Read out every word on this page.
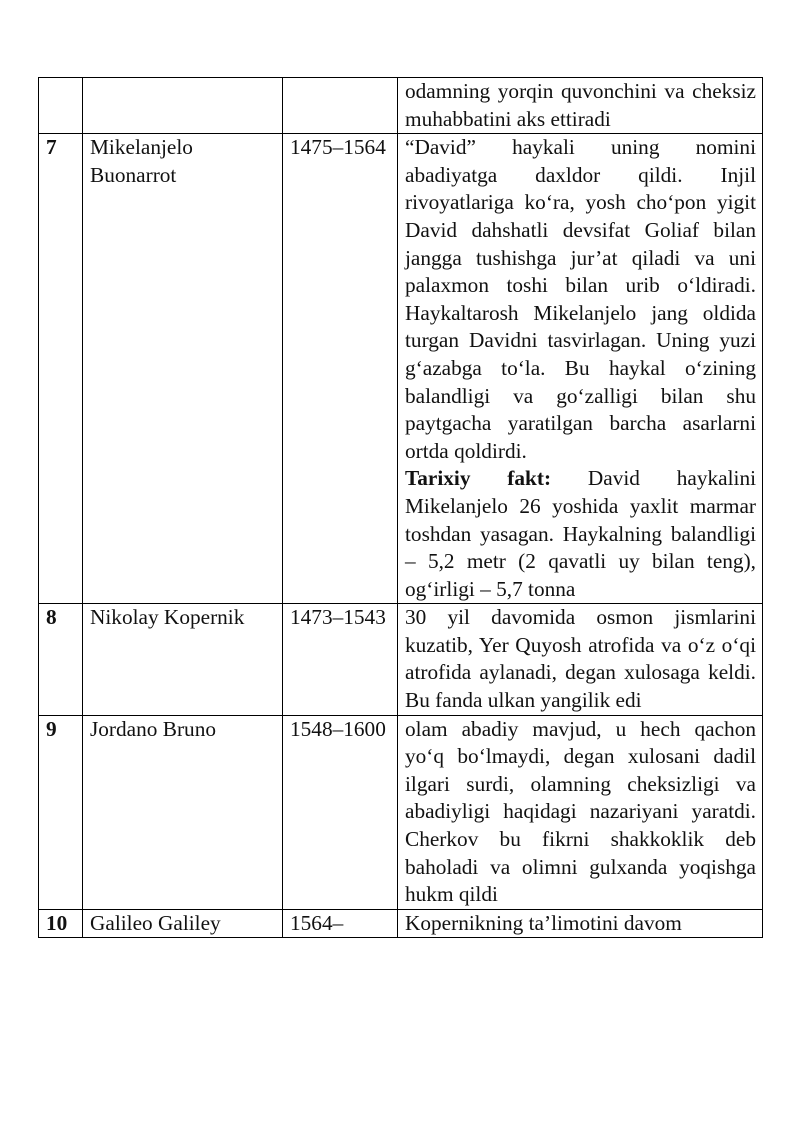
			odamning yorqin quvonchini va cheksiz muhabbatini aks ettiradi
7	Mikelanjelo Buonarrot	1475–1564	“David” haykali uning nomini abadiyatga daxldor qildi. Injil rivoyatlariga ko‘ra, yosh cho‘pon yigit David dahshatli devsifat Goliaf bilan jangga tushishga jur’at qiladi va uni palaxmon toshi bilan urib o‘ldiradi. Haykaltarosh Mikelanjelo jang oldida turgan Davidni tasvirlagan. Uning yuzi g‘azabga to‘la. Bu haykal o‘zining balandligi va go‘zalligi bilan shu paytgacha yaratilgan barcha asarlarni ortda qoldirdi.
Tarixiy fakt: David haykalini Mikelanjelo 26 yoshida yaxlit marmar toshdan yasagan. Haykalning balandligi – 5,2 metr (2 qavatli uy bilan teng), og‘irligi – 5,7 tonna

8	Nikolay Kopernik	1473–1543	30 yil davomida osmon jismlarini kuzatib, Yer Quyosh atrofida va o‘z o‘qi atrofida aylanadi, degan xulosaga keldi. Bu fanda ulkan yangilik edi
9	Jordano Bruno	1548–1600	olam abadiy mavjud, u hech qachon yo‘q bo‘lmaydi, degan xulosani dadil ilgari surdi, olamning cheksizligi va abadiyligi haqidagi nazariyani yaratdi. Cherkov bu fikrni shakkoklik deb baholadi va olimni gulxanda yoqishga hukm qildi
10	Galileo Galiley	1564–	Kopernikning ta’limotini davom
